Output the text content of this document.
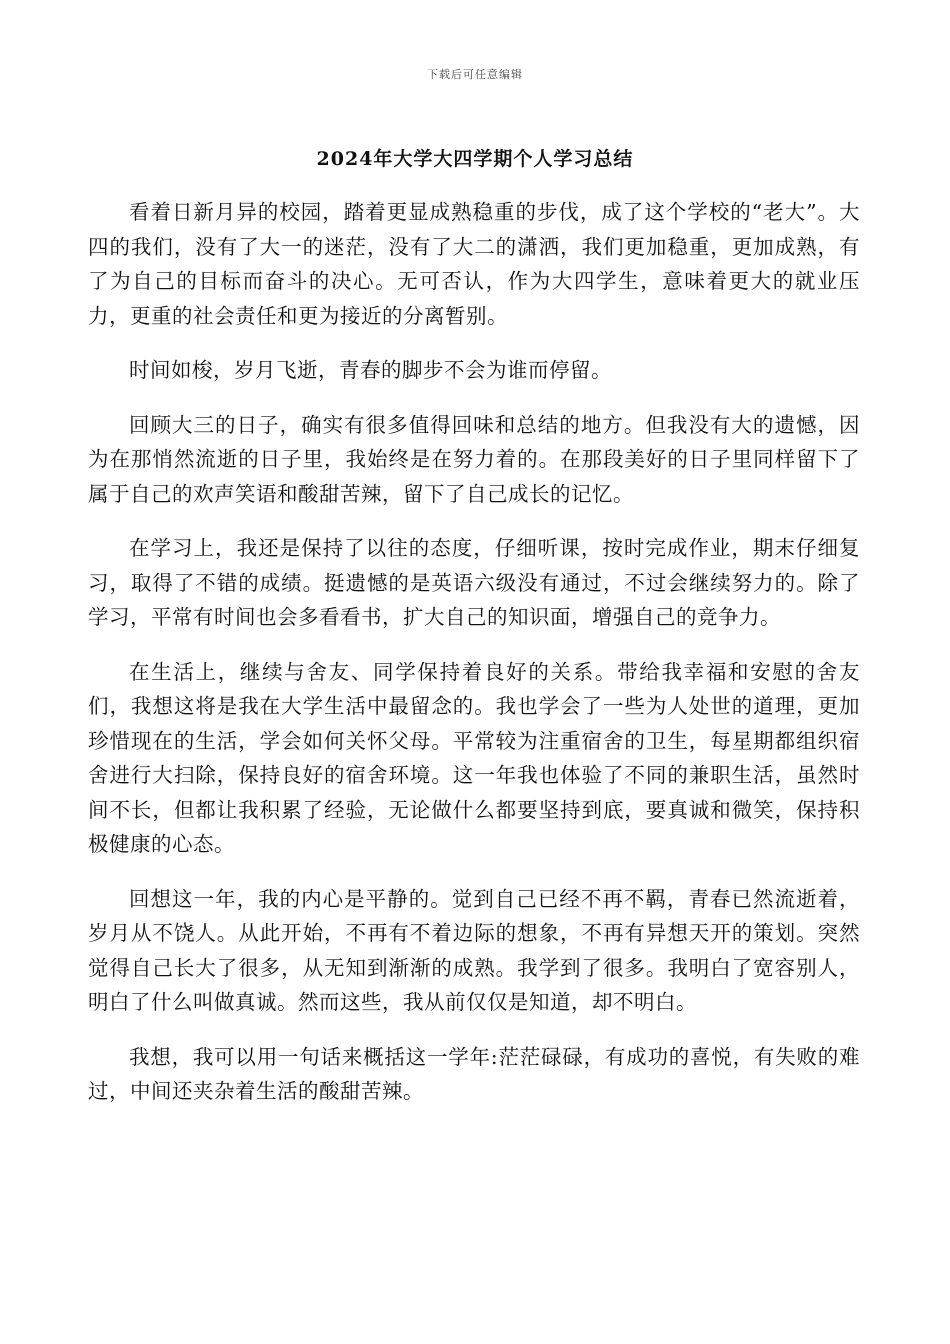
下载后可任意编辑
2024年大学大四学期个人学习总结

看着日新月异的校园，踏着更显成熟稳重的步伐，成了这个学校的“老大”。大四的我们，没有了大一的迷茫，没有了大二的潇洒，我们更加稳重，更加成熟，有了为自己的目标而奋斗的决心。无可否认，作为大四学生，意味着更大的就业压力，更重的社会责任和更为接近的分离暂别。

时间如梭，岁月飞逝，青春的脚步不会为谁而停留。

回顾大三的日子，确实有很多值得回味和总结的地方。但我没有大的遗憾，因为在那悄然流逝的日子里，我始终是在努力着的。在那段美好的日子里同样留下了属于自己的欢声笑语和酸甜苦辣，留下了自己成长的记忆。

在学习上，我还是保持了以往的态度，仔细听课，按时完成作业，期末仔细复习，取得了不错的成绩。挺遗憾的是英语六级没有通过，不过会继续努力的。除了学习，平常有时间也会多看看书，扩大自己的知识面，增强自己的竞争力。

在生活上，继续与舍友、同学保持着良好的关系。带给我幸福和安慰的舍友们，我想这将是我在大学生活中最留念的。我也学会了一些为人处世的道理，更加珍惜现在的生活，学会如何关怀父母。平常较为注重宿舍的卫生，每星期都组织宿舍进行大扫除，保持良好的宿舍环境。这一年我也体验了不同的兼职生活，虽然时间不长，但都让我积累了经验，无论做什么都要坚持到底，要真诚和微笑，保持积极健康的心态。

回想这一年，我的内心是平静的。觉到自己已经不再不羁，青春已然流逝着，岁月从不饶人。从此开始，不再有不着边际的想象，不再有异想天开的策划。突然觉得自己长大了很多，从无知到渐渐的成熟。我学到了很多。我明白了宽容别人，明白了什么叫做真诚。然而这些，我从前仅仅是知道，却不明白。

我想，我可以用一句话来概括这一学年:茫茫碌碌，有成功的喜悦，有失败的难过，中间还夹杂着生活的酸甜苦辣。
